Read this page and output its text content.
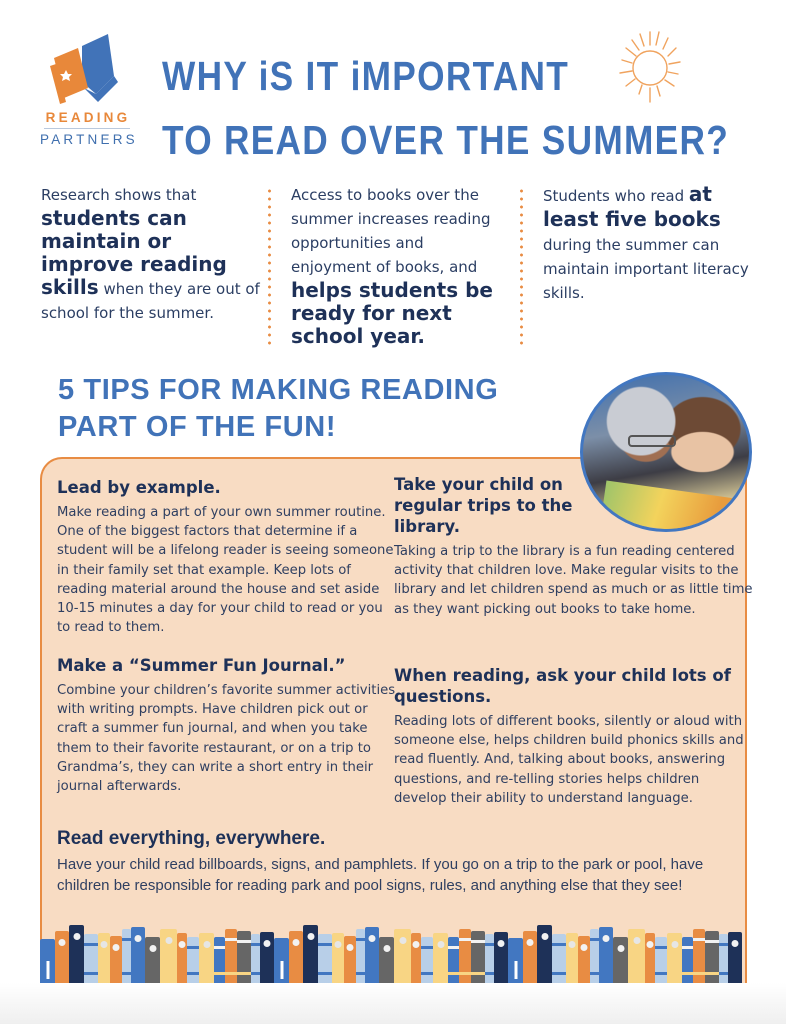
READING
PARTNERS
WHY iS IT iMPORTANT
TO READ OVER THE SUMMER?
Research shows that students can maintain or improve reading skills when they are out of school for the summer.
Access to books over the summer increases reading opportunities and enjoyment of books, and helps students be ready for next school year.
Students who read at least five books during the summer can maintain important literacy skills.
5 TIPS FOR MAKING READING
PART OF THE FUN!
Lead by example.

Make reading a part of your own summer routine. One of the biggest factors that determine if a student will be a lifelong reader is seeing someone in their family set that example. Keep lots of reading material around the house and set aside 10-15 minutes a day for your child to read or you to read to them.

Take your child on regular trips to the library.

Taking a trip to the library is a fun reading centered activity that children love. Make regular visits to the library and let children spend as much or as little time as they want picking out books to take home.

Make a “Summer Fun Journal.”

Combine your children’s favorite summer activities with writing prompts. Have children pick out or craft a summer fun journal, and when you take them to their favorite restaurant, or on a trip to Grandma’s, they can write a short entry in their journal afterwards.

When reading, ask your child lots of questions.

Reading lots of different books, silently or aloud with someone else, helps children build phonics skills and read fluently. And, talking about books, answering questions, and re-telling stories helps children develop their ability to understand language.

Read everything, everywhere.

Have your child read billboards, signs, and pamphlets. If you go on a trip to the park or pool, have children be responsible for reading park and pool signs, rules, and anything else that they see!
